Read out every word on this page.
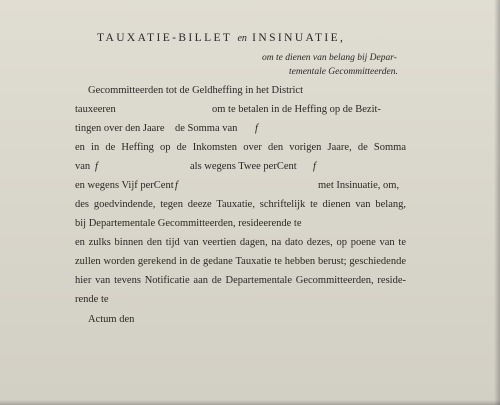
TAUXATIE-BILLET en INSINUATIE,
om te dienen van belang bij Depar-
tementale Gecommitteerden.
Gecommitteerden tot de Geldheffing in het District
tauxeeren	om te betalen in de Heffing op de Bezit-
tingen over den Jaare de Somma van f
en in de Heffing op de Inkomsten over den vorigen Jaare, de Somma
van f	als wegens Twee perCent f
en wegens Vijf perCent f	met Insinuatie, om,
des goedvindende, tegen deeze Tauxatie, schriftelijk te dienen van belang,
bij Departementale Gecommitteerden, resideerende te
en zulks binnen den tijd van veertien dagen, na dato dezes, op poene van te
zullen worden gerekend in de gedane Tauxatie te hebben berust; geschiedende
hier van tevens Notificatie aan de Departementale Gecommitteerden, reside-
rende te
Actum den
